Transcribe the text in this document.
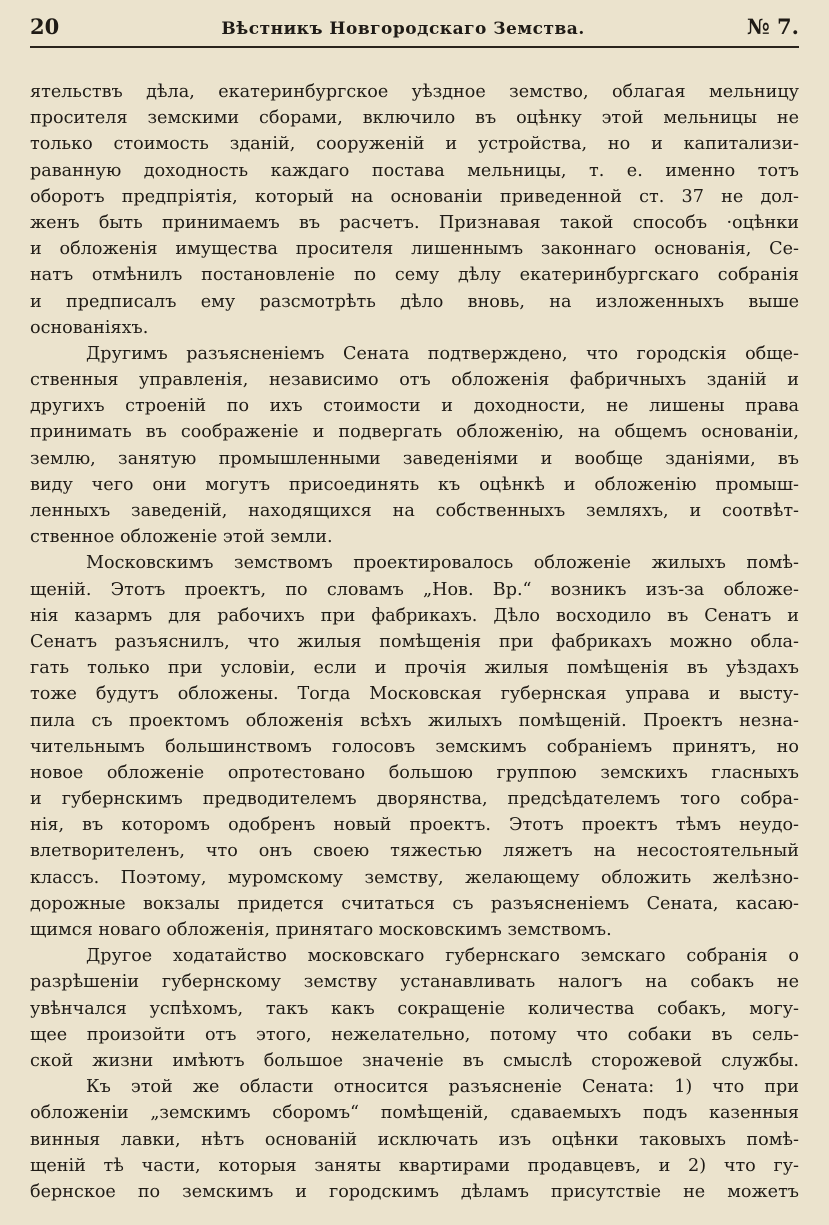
20	Вѣстникъ Новгородскаго Земства.	№ 7.
ятельствъ дѣла, екатеринбургское уѣздное земство, облагая мельницу
просителя земскими сборами, включило въ оцѣнку этой мельницы не
только стоимость зданій, сооруженій и устройства, но и капитализи-
раванную доходность каждаго постава мельницы, т. е. именно тотъ
оборотъ предпріятія, который на основаніи приведенной ст. 37 не дол-
женъ быть принимаемъ въ расчетъ. Признавая такой способъ ·оцѣнки
и обложенія имущества просителя лишеннымъ законнаго основанія, Се-
натъ отмѣнилъ постановленіе по сему дѣлу екатеринбургскаго собранія
и предписалъ ему разсмотрѣть дѣло вновь, на изложенныхъ выше
основаніяхъ.
Другимъ разъясненіемъ Сената подтверждено, что городскія обще-
ственныя управленія, независимо отъ обложенія фабричныхъ зданій и
другихъ строеній по ихъ стоимости и доходности, не лишены права
принимать въ соображеніе и подвергать обложенію, на общемъ основаніи,
землю, занятую промышленными заведеніями и вообще зданіями, въ
виду чего они могутъ присоединять къ оцѣнкѣ и обложенію промыш-
ленныхъ заведеній, находящихся на собственныхъ земляхъ, и соотвѣт-
ственное обложеніе этой земли.
Московскимъ земствомъ проектировалось обложеніе жилыхъ помѣ-
щеній. Этотъ проектъ, по словамъ „Нов. Вр.“ возникъ изъ-за обложе-
нія казармъ для рабочихъ при фабрикахъ. Дѣло восходило въ Сенатъ и
Сенатъ разъяснилъ, что жилыя помѣщенія при фабрикахъ можно обла-
гать только при условіи, если и прочія жилыя помѣщенія въ уѣздахъ
тоже будутъ обложены. Тогда Московская губернская управа и высту-
пила съ проектомъ обложенія всѣхъ жилыхъ помѣщеній. Проектъ незна-
чительнымъ большинствомъ голосовъ земскимъ собраніемъ принятъ, но
новое обложеніе опротестовано большою группою земскихъ гласныхъ
и губернскимъ предводителемъ дворянства, предсѣдателемъ того собра-
нія, въ которомъ одобренъ новый проектъ. Этотъ проектъ тѣмъ неудо-
влетворителенъ, что онъ своею тяжестью ляжетъ на несостоятельный
классъ. Поэтому, муромскому земству, желающему обложить желѣзно-
дорожные вокзалы придется считаться съ разъясненіемъ Сената, касаю-
щимся новаго обложенія, принятаго московскимъ земствомъ.
Другое ходатайство московскаго губернскаго земскаго собранія о
разрѣшеніи губернскому земству устанавливать налогъ на собакъ не
увѣнчался успѣхомъ, такъ какъ сокращеніе количества собакъ, могу-
щее произойти отъ этого, нежелательно, потому что собаки въ сель-
ской жизни имѣютъ большое значеніе въ смыслѣ сторожевой службы.
Къ этой же области относится разъясненіе Сената: 1) что при
обложеніи „земскимъ сборомъ“ помѣщеній, сдаваемыхъ подъ казенныя
винныя лавки, нѣтъ основаній исключать изъ оцѣнки таковыхъ помѣ-
щеній тѣ части, которыя заняты квартирами продавцевъ, и 2) что гу-
бернское по земскимъ и городскимъ дѣламъ присутствіе не можетъ
